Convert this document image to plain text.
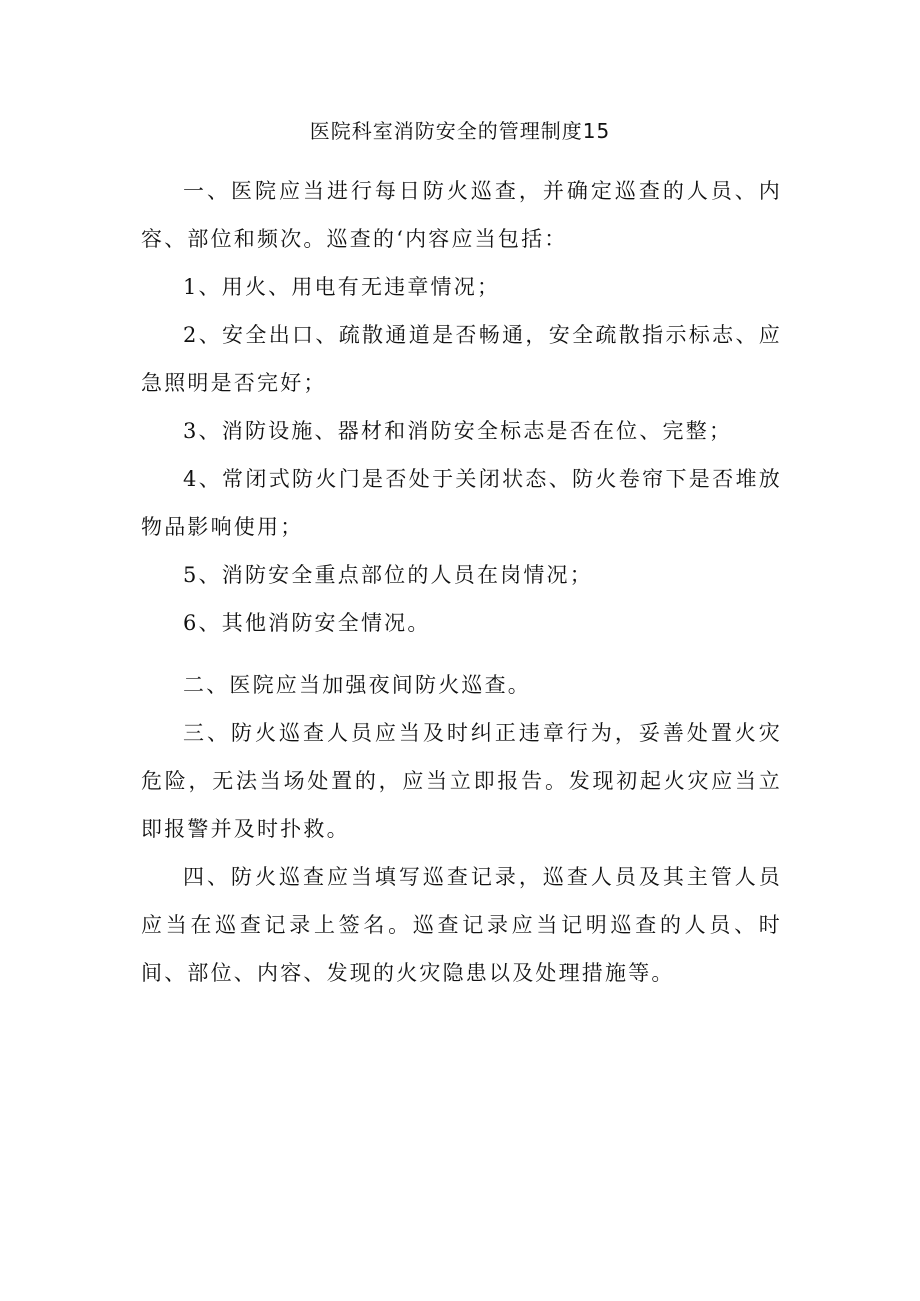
医院科室消防安全的管理制度15

一、医院应当进行每日防火巡查，并确定巡查的人员、内容、部位和频次。巡查的‘内容应当包括：

1、用火、用电有无违章情况；

2、安全出口、疏散通道是否畅通，安全疏散指示标志、应急照明是否完好；

3、消防设施、器材和消防安全标志是否在位、完整；

4、常闭式防火门是否处于关闭状态、防火卷帘下是否堆放物品影响使用；

5、消防安全重点部位的人员在岗情况；

6、其他消防安全情况。

二、医院应当加强夜间防火巡查。

三、防火巡查人员应当及时纠正违章行为，妥善处置火灾危险，无法当场处置的，应当立即报告。发现初起火灾应当立即报警并及时扑救。

四、防火巡查应当填写巡查记录，巡查人员及其主管人员应当在巡查记录上签名。巡查记录应当记明巡查的人员、时间、部位、内容、发现的火灾隐患以及处理措施等。
